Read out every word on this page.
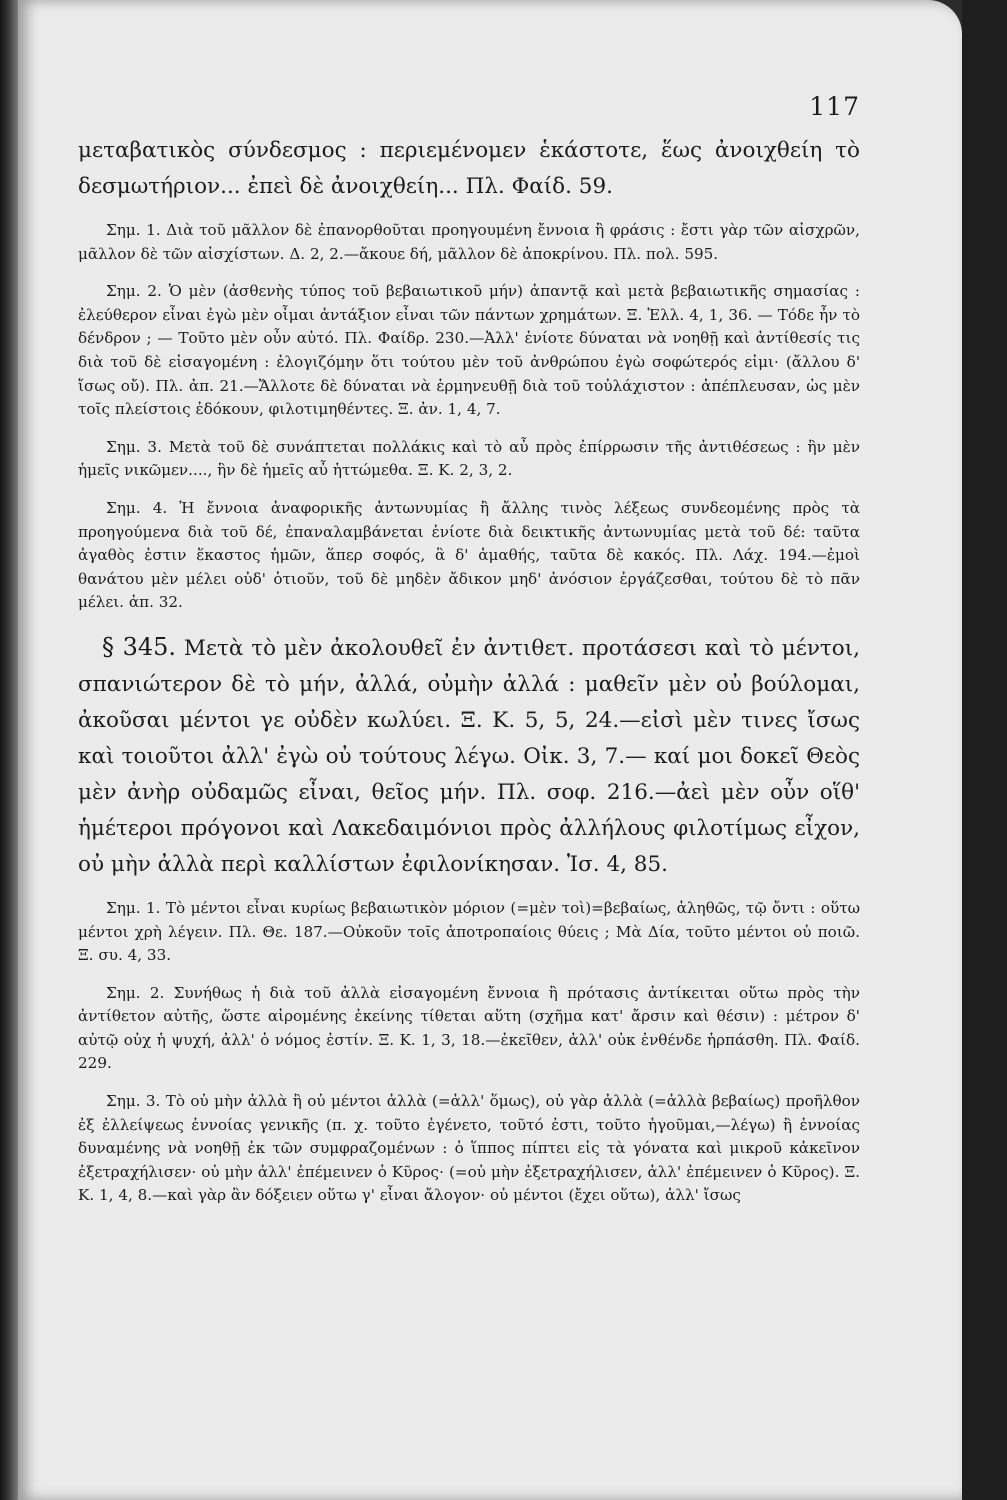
117

μεταβατικὸς σύνδεσμος : περιεμένομεν ἑκάστοτε, ἕως ἀνοιχθείη τὸ δεσμωτήριον... ἐπεὶ δὲ ἀνοιχθείη... Πλ. Φαίδ. 59.

Σημ. 1. Διὰ τοῦ μᾶλλον δὲ ἐπανορθοῦται προηγουμένη ἔννοια ἢ φράσις : ἔστι γὰρ τῶν αἰσχρῶν, μᾶλλον δὲ τῶν αἰσχίστων. Δ. 2, 2.—ἄκουε δή, μᾶλλον δὲ ἀποκρίνου. Πλ. πολ. 595.

Σημ. 2. Ὁ μὲν (ἀσθενὴς τύπος τοῦ βεβαιωτικοῦ μήν) ἀπαντᾷ καὶ μετὰ βεβαιωτικῆς σημασίας : ἐλεύθερον εἶναι ἐγὼ μὲν οἶμαι ἀντάξιον εἶναι τῶν πάντων χρημάτων. Ξ. Ἑλλ. 4, 1, 36. — Τόδε ἦν τὸ δένδρον ; — Τοῦτο μὲν οὖν αὐτό. Πλ. Φαίδρ. 230.—Ἀλλ' ἐνίοτε δύναται νὰ νοηθῇ καὶ ἀντίθεσίς τις διὰ τοῦ δὲ εἰσαγομένη : ἐλογιζόμην ὅτι τούτου μὲν τοῦ ἀνθρώπου ἐγὼ σοφώτερός εἰμι· (ἄλλου δ' ἴσως οὔ). Πλ. ἀπ. 21.—Ἄλλοτε δὲ δύναται νὰ ἑρμηνευθῇ διὰ τοῦ τοὐλάχιστον : ἀπέπλευσαν, ὡς μὲν τοῖς πλείστοις ἐδόκουν, φιλοτιμηθέντες. Ξ. ἀν. 1, 4, 7.

Σημ. 3. Μετὰ τοῦ δὲ συνάπτεται πολλάκις καὶ τὸ αὖ πρὸς ἐπίρρωσιν τῆς ἀντιθέσεως : ἣν μὲν ἡμεῖς νικῶμεν...., ἣν δὲ ἡμεῖς αὖ ἡττώμεθα. Ξ. Κ. 2, 3, 2.

Σημ. 4. Ἡ ἔννοια ἀναφορικῆς ἀντωνυμίας ἢ ἄλλης τινὸς λέξεως συνδεομένης πρὸς τὰ προηγούμενα διὰ τοῦ δέ, ἐπαναλαμβάνεται ἐνίοτε διὰ δεικτικῆς ἀντωνυμίας μετὰ τοῦ δέ: ταῦτα ἀγαθὸς ἐστιν ἕκαστος ἡμῶν, ἅπερ σοφός, ἃ δ' ἀμαθής, ταῦτα δὲ κακός. Πλ. Λάχ. 194.—ἐμοὶ θανάτου μὲν μέλει οὐδ' ὁτιοῦν, τοῦ δὲ μηδὲν ἄδικον μηδ' ἀνόσιον ἐργάζεσθαι, τούτου δὲ τὸ πᾶν μέλει. ἀπ. 32.

§ 345. Μετὰ τὸ μὲν ἀκολουθεῖ ἐν ἀντιθετ. προτάσεσι καὶ τὸ μέντοι, σπανιώτερον δὲ τὸ μήν, ἀλλά, οὐμὴν ἀλλά : μαθεῖν μὲν οὐ βούλομαι, ἀκοῦσαι μέντοι γε οὐδὲν κωλύει. Ξ. Κ. 5, 5, 24.—εἰσὶ μὲν τινες ἴσως καὶ τοιοῦτοι ἀλλ' ἐγὼ οὐ τούτους λέγω. Οἰκ. 3, 7.— καί μοι δοκεῖ Θεὸς μὲν ἀνὴρ οὐδαμῶς εἶναι, θεῖος μήν. Πλ. σοφ. 216.—ἀεὶ μὲν οὖν οἵθ' ἡμέτεροι πρόγονοι καὶ Λακεδαιμόνιοι πρὸς ἀλλήλους φιλοτίμως εἶχον, οὐ μὴν ἀλλὰ περὶ καλλίστων ἐφιλονίκησαν. Ἰσ. 4, 85.

Σημ. 1. Τὸ μέντοι εἶναι κυρίως βεβαιωτικὸν μόριον (=μὲν τοὶ)=βεβαίως, ἀληθῶς, τῷ ὄντι : οὕτω μέντοι χρὴ λέγειν. Πλ. Θε. 187.—Οὐκοῦν τοῖς ἀποτροπαίοις θύεις ; Μὰ Δία, τοῦτο μέντοι οὐ ποιῶ. Ξ. συ. 4, 33.

Σημ. 2. Συνήθως ἡ διὰ τοῦ ἀλλὰ εἰσαγομένη ἔννοια ἢ πρότασις ἀντίκειται οὕτω πρὸς τὴν ἀντίθετον αὐτῆς, ὥστε αἰρομένης ἐκείνης τίθεται αὕτη (σχῆμα κατ' ἄρσιν καὶ θέσιν) : μέτρον δ' αὐτῷ οὐχ ἡ ψυχή, ἀλλ' ὁ νόμος ἐστίν. Ξ. Κ. 1, 3, 18.—ἐκεῖθεν, ἀλλ' οὐκ ἐνθένδε ἡρπάσθη. Πλ. Φαίδ. 229.

Σημ. 3. Τὸ οὐ μὴν ἀλλὰ ἢ οὐ μέντοι ἀλλὰ (=ἀλλ' ὅμως), οὐ γὰρ ἀλλὰ (=ἀλλὰ βεβαίως) προῆλθον ἐξ ἐλλείψεως ἐννοίας γενικῆς (π. χ. τοῦτο ἐγένετο, τοῦτό ἐστι, τοῦτο ἡγοῦμαι,—λέγω) ἢ ἐννοίας δυναμένης νὰ νοηθῇ ἐκ τῶν συμφραζομένων : ὁ ἵππος πίπτει εἰς τὰ γόνατα καὶ μικροῦ κἀκεῖνον ἐξετραχήλισεν· οὐ μὴν ἀλλ' ἐπέμεινεν ὁ Κῦρος· (=οὐ μὴν ἐξετραχήλισεν, ἀλλ' ἐπέμεινεν ὁ Κῦρος). Ξ. Κ. 1, 4, 8.—καὶ γὰρ ἂν δόξειεν οὕτω γ' εἶναι ἄλογον· οὐ μέντοι (ἔχει οὕτω), ἀλλ' ἴσως
